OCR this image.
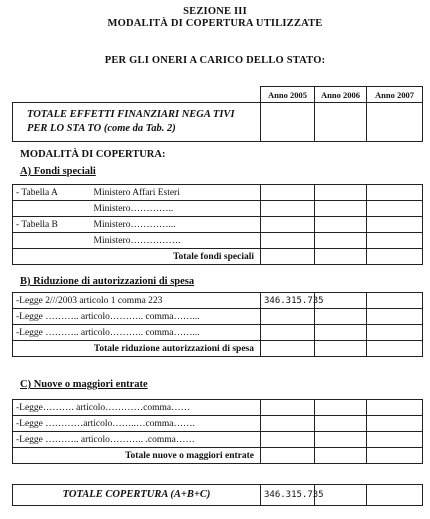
SEZIONE III
MODALITÀ DI COPERTURA UTILIZZATE
PER GLI ONERI A CARICO DELLO STATO:
	Anno 2005	Anno 2006	Anno 2007
TOTALE EFFETTI FINANZIARI NEGA TIVI PER LO STA TO (come da Tab. 2)			
MODALITÀ DI COPERTURA:
A) Fondi speciali
- Tabella A	Ministero Affari Esteri			
	Ministero…………..			
- Tabella B	Ministero…………...			
	Ministero…………….			
Totale fondi speciali				
B) Riduzione di autorizzazioni di spesa
-Legge 2///2003 articolo 1 comma 223	346.315.735		
-Legge ……….. articolo……….. comma……...			
-Legge ……….. articolo……….. comma……...			
Totale riduzione autorizzazioni di spesa			
C) Nuove o maggiori entrate
-Legge………. articolo…………comma……			
-Legge …………articolo……..…comma…….			
-Legge ……….. articolo……….. .comma……			
Totale nuove o maggiori entrate			
TOTALE COPERTURA (A+B+C)	346.315.735		
